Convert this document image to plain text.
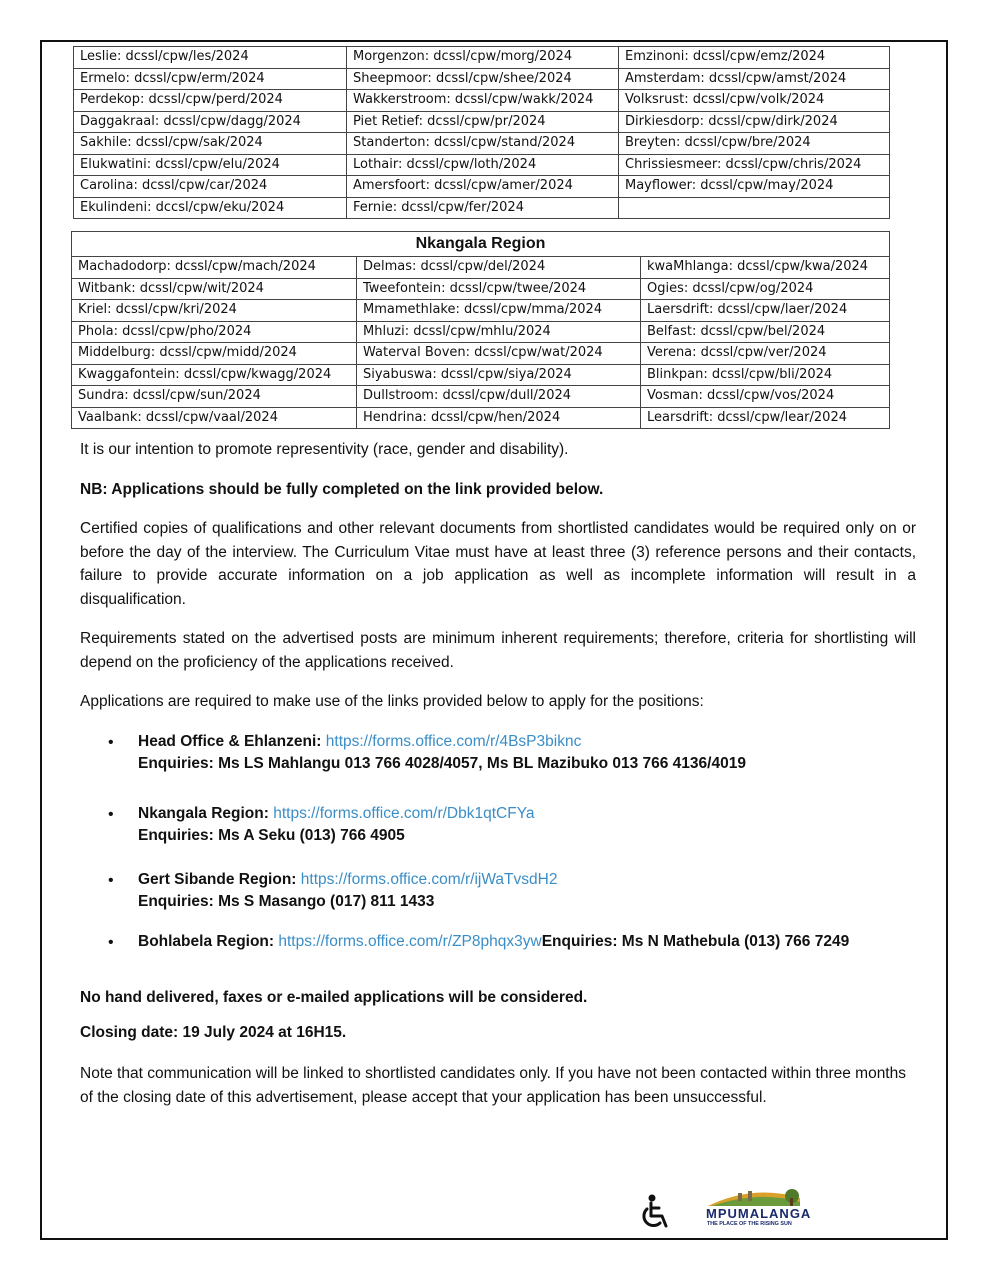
Leslie: dcssl/cpw/les/2024	Morgenzon: dcssl/cpw/morg/2024	Emzinoni: dcssl/cpw/emz/2024
Ermelo: dcssl/cpw/erm/2024	Sheepmoor: dcssl/cpw/shee/2024	Amsterdam: dcssl/cpw/amst/2024
Perdekop: dcssl/cpw/perd/2024	Wakkerstroom: dcssl/cpw/wakk/2024	Volksrust: dcssl/cpw/volk/2024
Daggakraal: dcssl/cpw/dagg/2024	Piet Retief: dcssl/cpw/pr/2024	Dirkiesdorp: dcssl/cpw/dirk/2024
Sakhile: dcssl/cpw/sak/2024	Standerton: dcssl/cpw/stand/2024	Breyten: dcssl/cpw/bre/2024
Elukwatini: dcssl/cpw/elu/2024	Lothair: dcssl/cpw/loth/2024	Chrissiesmeer: dcssl/cpw/chris/2024
Carolina: dcssl/cpw/car/2024	Amersfoort: dcssl/cpw/amer/2024	Mayflower: dcssl/cpw/may/2024
Ekulindeni: dccsl/cpw/eku/2024	Fernie: dcssl/cpw/fer/2024	
Nkangala Region		
Machadodorp: dcssl/cpw/mach/2024	Delmas: dcssl/cpw/del/2024	kwaMhlanga: dcssl/cpw/kwa/2024
Witbank: dcssl/cpw/wit/2024	Tweefontein: dcssl/cpw/twee/2024	Ogies: dcssl/cpw/og/2024
Kriel: dcssl/cpw/kri/2024	Mmamethlake: dcssl/cpw/mma/2024	Laersdrift: dcssl/cpw/laer/2024
Phola: dcssl/cpw/pho/2024	Mhluzi: dcssl/cpw/mhlu/2024	Belfast: dcssl/cpw/bel/2024
Middelburg: dcssl/cpw/midd/2024	Waterval Boven: dcssl/cpw/wat/2024	Verena: dcssl/cpw/ver/2024
Kwaggafontein: dcssl/cpw/kwagg/2024	Siyabuswa: dcssl/cpw/siya/2024	Blinkpan: dcssl/cpw/bli/2024
Sundra: dcssl/cpw/sun/2024	Dullstroom: dcssl/cpw/dull/2024	Vosman: dcssl/cpw/vos/2024
Vaalbank: dcssl/cpw/vaal/2024	Hendrina: dcssl/cpw/hen/2024	Learsdrift: dcssl/cpw/lear/2024

It is our intention to promote representivity (race, gender and disability).

NB: Applications should be fully completed on the link provided below.

Certified copies of qualifications and other relevant documents from shortlisted candidates would be required only on or before the day of the interview. The Curriculum Vitae must have at least three (3) reference persons and their contacts, failure to provide accurate information on a job application as well as incomplete information will result in a disqualification.

Requirements stated on the advertised posts are minimum inherent requirements; therefore, criteria for shortlisting will depend on the proficiency of the applications received.

Applications are required to make use of the links provided below to apply for the positions:

• Head Office & Ehlanzeni: https://forms.office.com/r/4BsP3biknc
Enquiries: Ms LS Mahlangu 013 766 4028/4057, Ms BL Mazibuko 013 766 4136/4019
• Nkangala Region: https://forms.office.com/r/Dbk1qtCFYa
Enquiries: Ms A Seku (013) 766 4905
• Gert Sibande Region: https://forms.office.com/r/ijWaTvsdH2
Enquiries: Ms S Masango (017) 811 1433
• Bohlabela Region: https://forms.office.com/r/ZP8phqx3ywEnquiries: Ms N Mathebula (013) 766 7249

No hand delivered, faxes or e-mailed applications will be considered.

Closing date: 19 July 2024 at 16H15.

Note that communication will be linked to shortlisted candidates only. If you have not been contacted within three months of the closing date of this advertisement, please accept that your application has been unsuccessful.

MPUMALANGA
THE PLACE OF THE RISING SUN
